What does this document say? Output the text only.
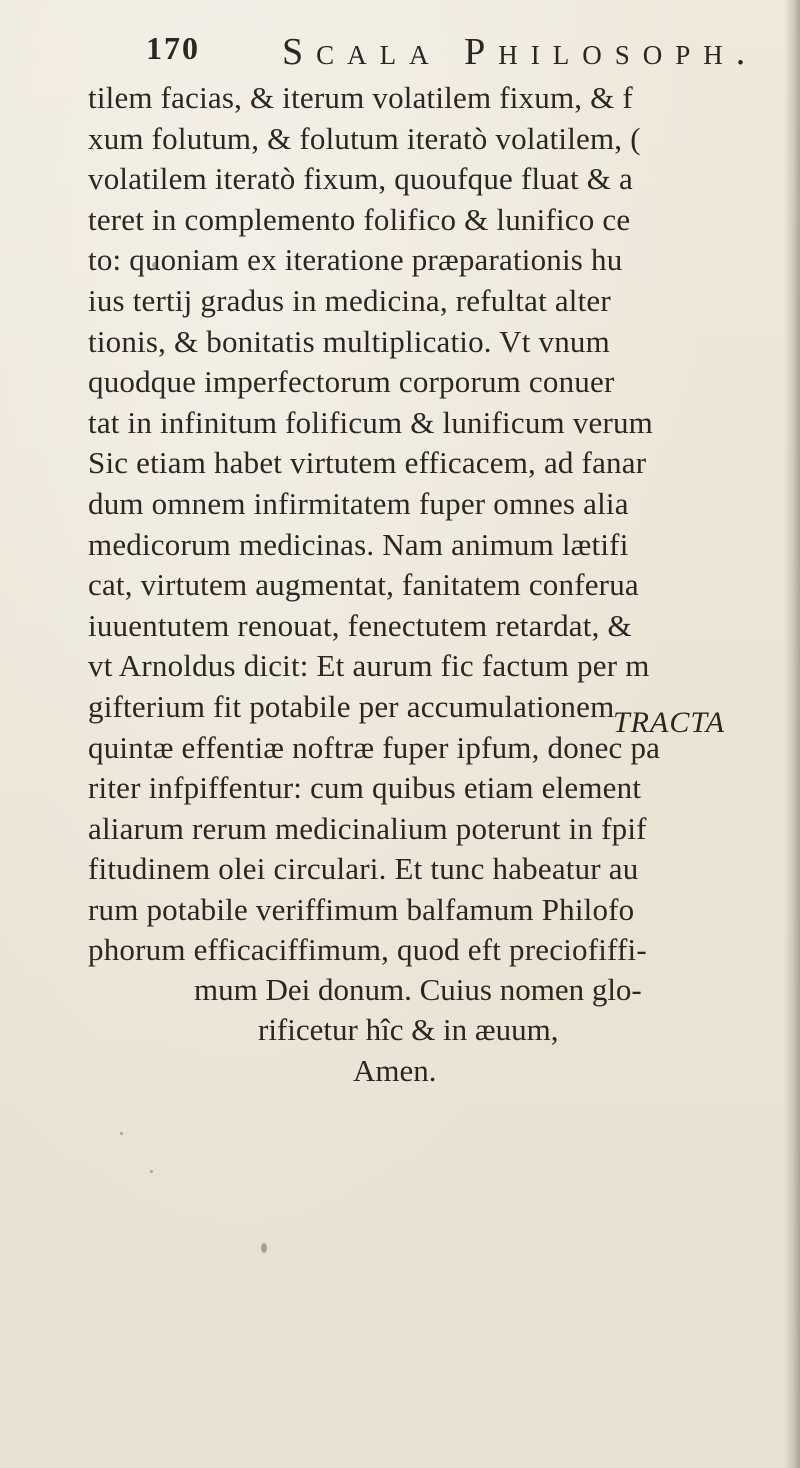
170 Scala Philosoph.
tilem facias, & iterum volatilem fixum, & f
xum folutum, & folutum iteratò volatilem, (
volatilem iteratò fixum, quoufque fluat & a
teret in complemento folifico & lunifico ce
to: quoniam ex iteratione præparationis hu
ius tertij gradus in medicina, refultat alter
tionis, & bonitatis multiplicatio. Vt vnum
quodque imperfectorum corporum conuer
tat in infinitum folificum & lunificum verum
Sic etiam habet virtutem efficacem, ad fanar
dum omnem infirmitatem fuper omnes alia
medicorum medicinas. Nam animum lætifi
cat, virtutem augmentat, fanitatem conferua
iuuentutem renouat, fenectutem retardat, &
vt Arnoldus dicit: Et aurum fic factum per m
gifterium fit potabile per accumulationem
quintæ effentiæ noftræ fuper ipfum, donec pa
riter infpiffentur: cum quibus etiam element
aliarum rerum medicinalium poterunt in fpif
fitudinem olei circulari. Et tunc habeatur au
rum potabile veriffimum balfamum Philofo
phorum efficaciffimum, quod eft preciofiffi-
mum Dei donum. Cuius nomen glo-
rificetur hîc & in æuum,
Amen.
TRACTA
